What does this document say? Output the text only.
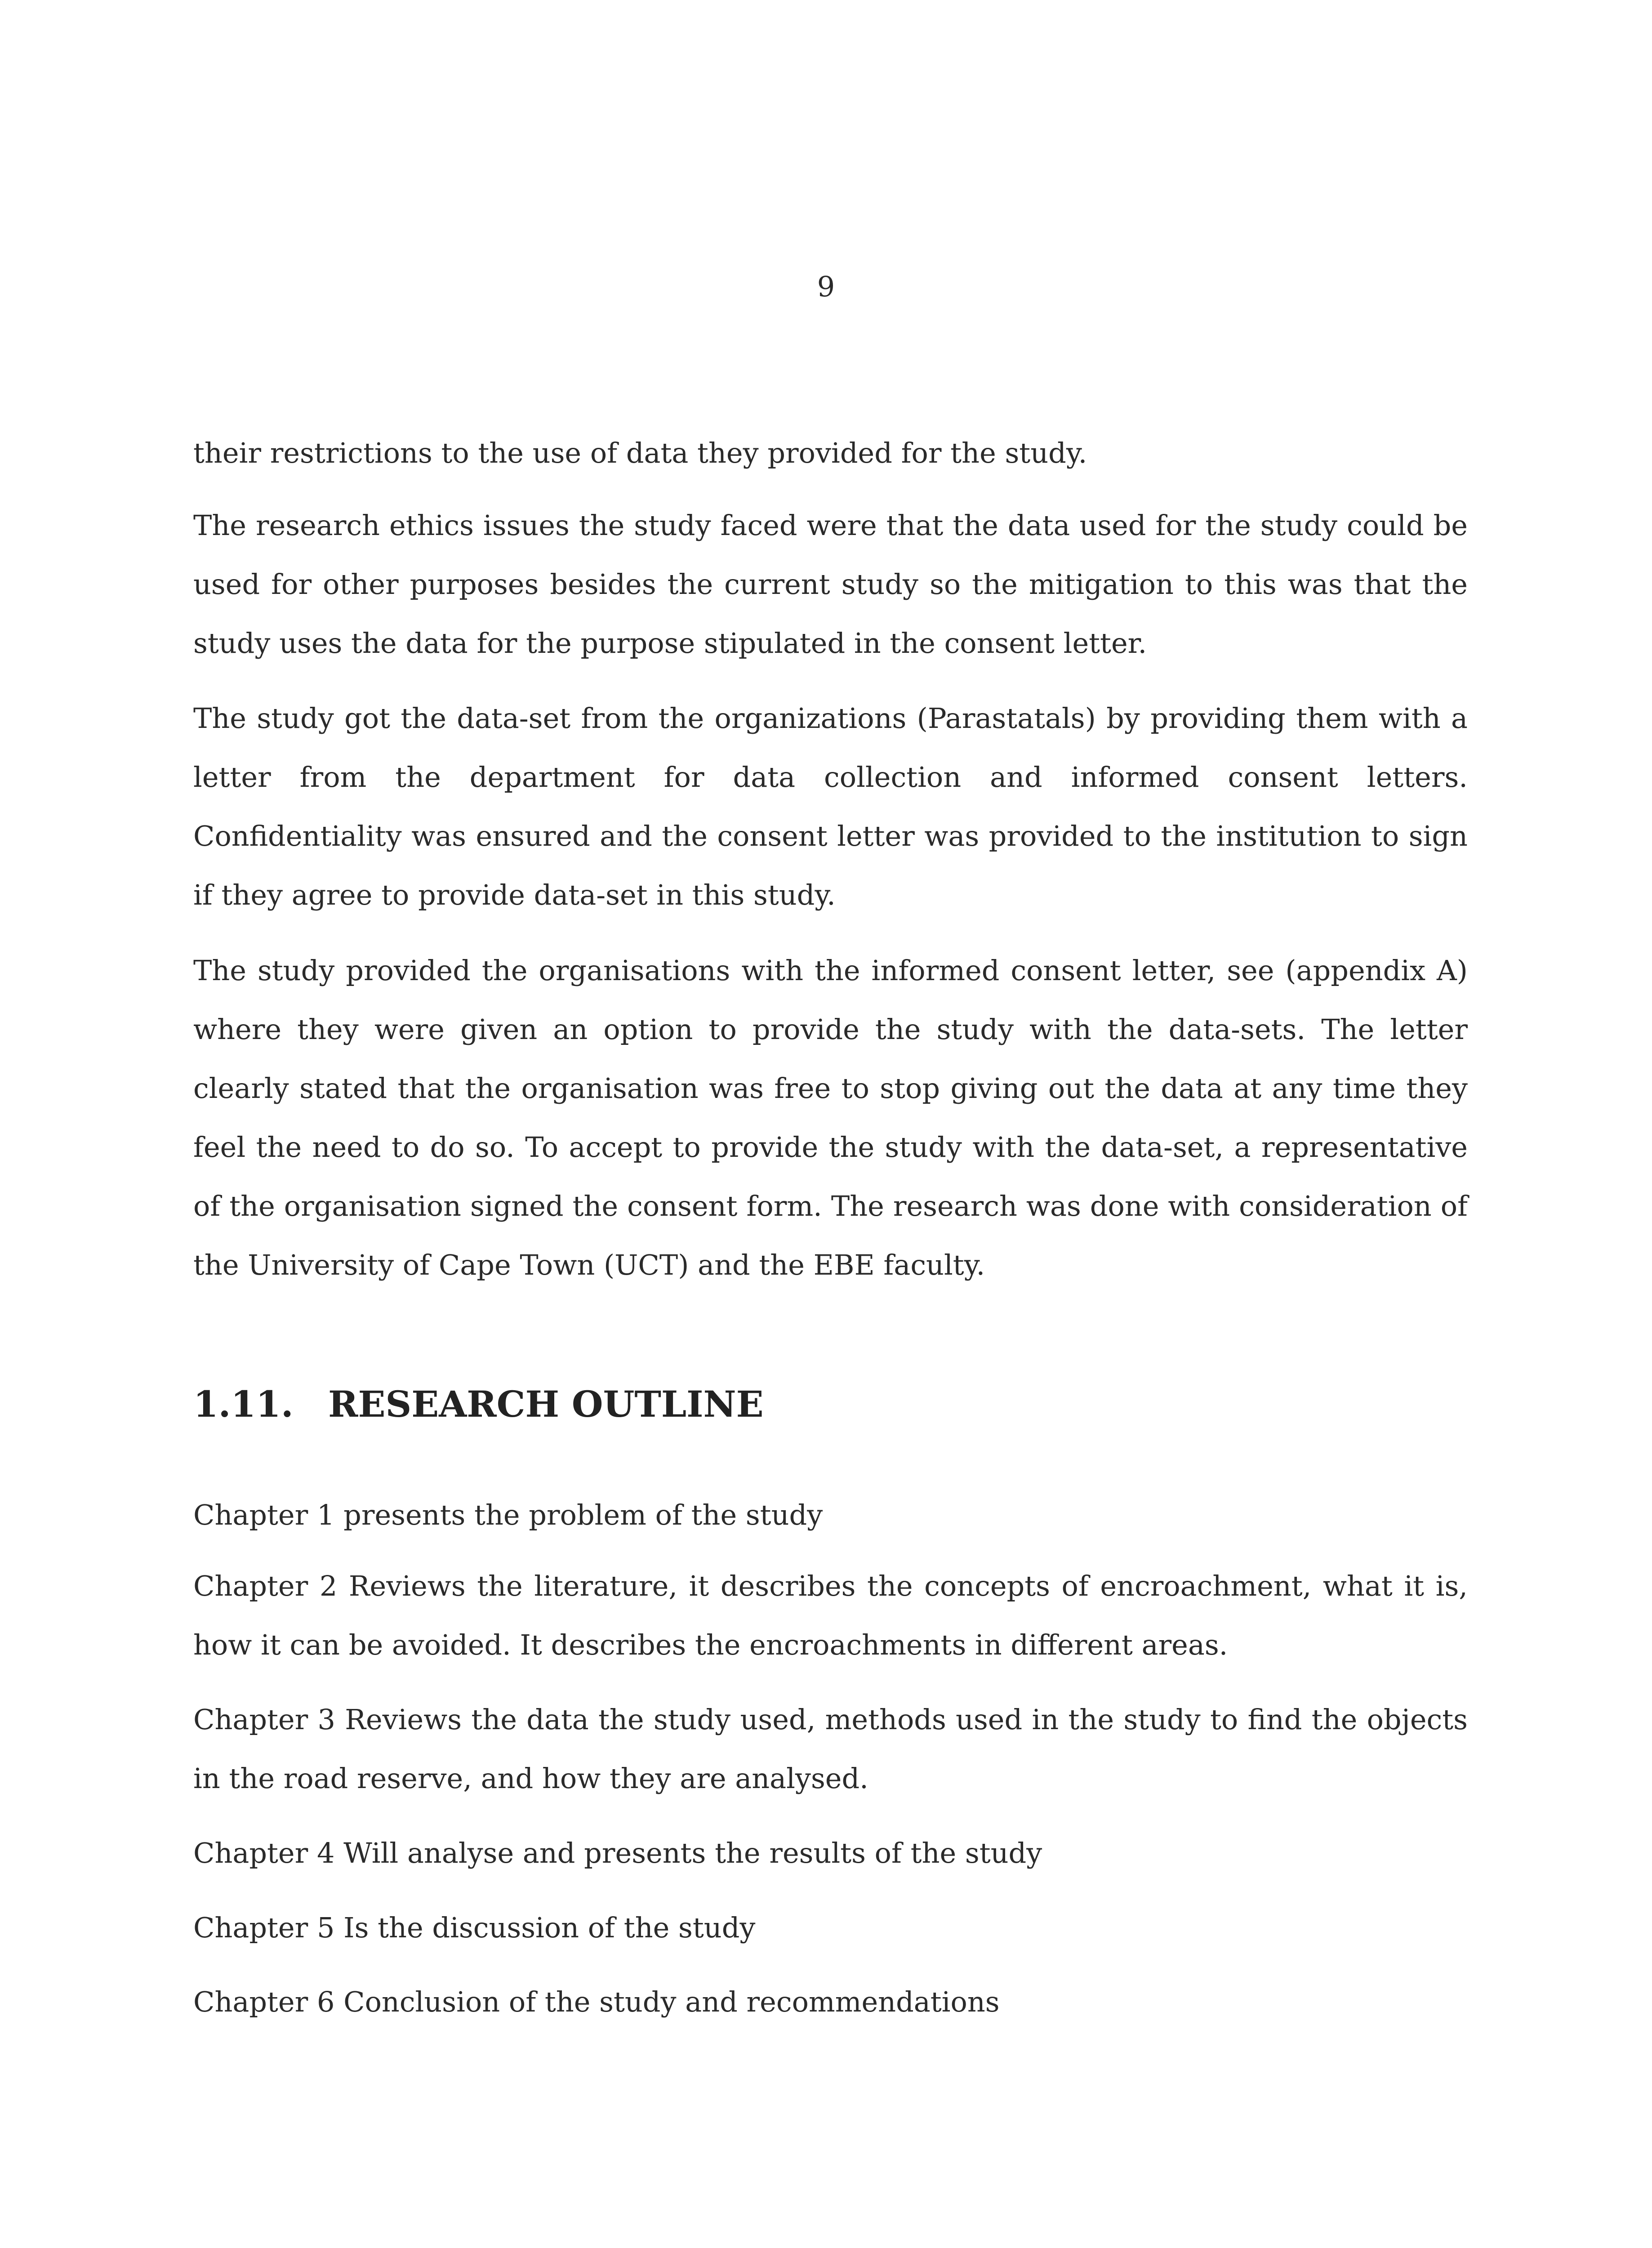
9

their restrictions to the use of data they provided for the study.

The research ethics issues the study faced were that the data used for the study could be used for other purposes besides the current study so the mitigation to this was that the study uses the data for the purpose stipulated in the consent letter.

The study got the data-set from the organizations (Parastatals) by providing them with a letter from the department for data collection and informed consent letters. Confidentiality was ensured and the consent letter was provided to the institution to sign if they agree to provide data-set in this study.

The study provided the organisations with the informed consent letter, see (appendix A) where they were given an option to provide the study with the data-sets. The letter clearly stated that the organisation was free to stop giving out the data at any time they feel the need to do so. To accept to provide the study with the data-set, a representative of the organisation signed the consent form. The research was done with consideration of the University of Cape Town (UCT) and the EBE faculty.

1.11. RESEARCH OUTLINE

Chapter 1 presents the problem of the study

Chapter 2 Reviews the literature, it describes the concepts of encroachment, what it is, how it can be avoided. It describes the encroachments in different areas.

Chapter 3 Reviews the data the study used, methods used in the study to find the objects in the road reserve, and how they are analysed.

Chapter 4 Will analyse and presents the results of the study

Chapter 5 Is the discussion of the study

Chapter 6 Conclusion of the study and recommendations
